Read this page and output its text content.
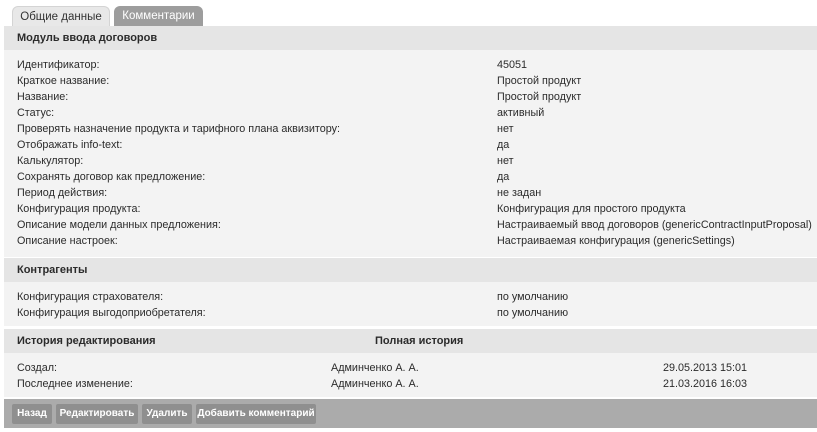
Общие данные	Комментарии
Модуль ввода договоров
Идентификатор:	45051
Краткое название:	Простой продукт
Название:	Простой продукт
Статус:	активный
Проверять назначение продукта и тарифного плана аквизитору:	нет
Отображать info-text:	да
Калькулятор:	нет
Сохранять договор как предложение:	да
Период действия:	не задан
Конфигурация продукта:	Конфигурация для простого продукта
Описание модели данных предложения:	Настраиваемый ввод договоров (genericContractInputProposal)
Описание настроек:	Настраиваемая конфигурация (genericSettings)
Контрагенты
Конфигурация страхователя:	по умолчанию
Конфигурация выгодоприобретателя:	по умолчанию
История редактирования	Полная история
Создал:	Админченко А. А.	29.05.2013 15:01
Последнее изменение:	Админченко А. А.	21.03.2016 16:03
Назад	Редактировать	Удалить Добавить комментарий
